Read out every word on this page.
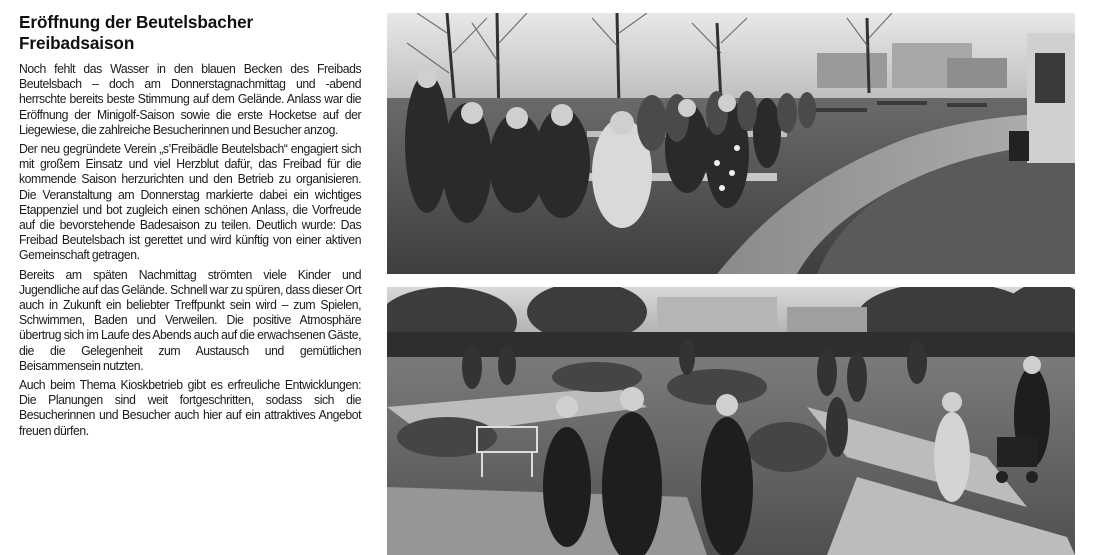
Eröffnung der Beutelsbacher Freibadsaison

Noch fehlt das Wasser in den blauen Becken des Freibads Beutelsbach – doch am Donnerstagnachmittag und -abend herrschte bereits beste Stimmung auf dem Gelände. Anlass war die Eröffnung der Minigolf-Saison sowie die erste Hocketse auf der Liegewiese, die zahlreiche Besucherinnen und Besucher anzog.

Der neu gegründete Verein „s’Freibädle Beutelsbach“ engagiert sich mit großem Einsatz und viel Herzblut dafür, das Freibad für die kommende Saison herzurichten und den Betrieb zu organisieren. Die Veranstaltung am Donnerstag markierte dabei ein wichtiges Etappenziel und bot zugleich einen schönen Anlass, die Vorfreude auf die bevorstehende Badesaison zu teilen. Deutlich wurde: Das Freibad Beutelsbach ist gerettet und wird künftig von einer aktiven Gemeinschaft getragen.

Bereits am späten Nachmittag strömten viele Kinder und Jugendliche auf das Gelände. Schnell war zu spüren, dass dieser Ort auch in Zukunft ein beliebter Treffpunkt sein wird – zum Spielen, Schwimmen, Baden und Verweilen. Die positive Atmosphäre übertrug sich im Laufe des Abends auch auf die erwachsenen Gäste, die die Gelegenheit zum Austausch und gemütlichen Beisammensein nutzten.

Auch beim Thema Kioskbetrieb gibt es erfreuliche Entwicklungen: Die Planungen sind weit fortgeschritten, sodass sich die Besucherinnen und Besucher auch hier auf ein attraktives Angebot freuen dürfen.
